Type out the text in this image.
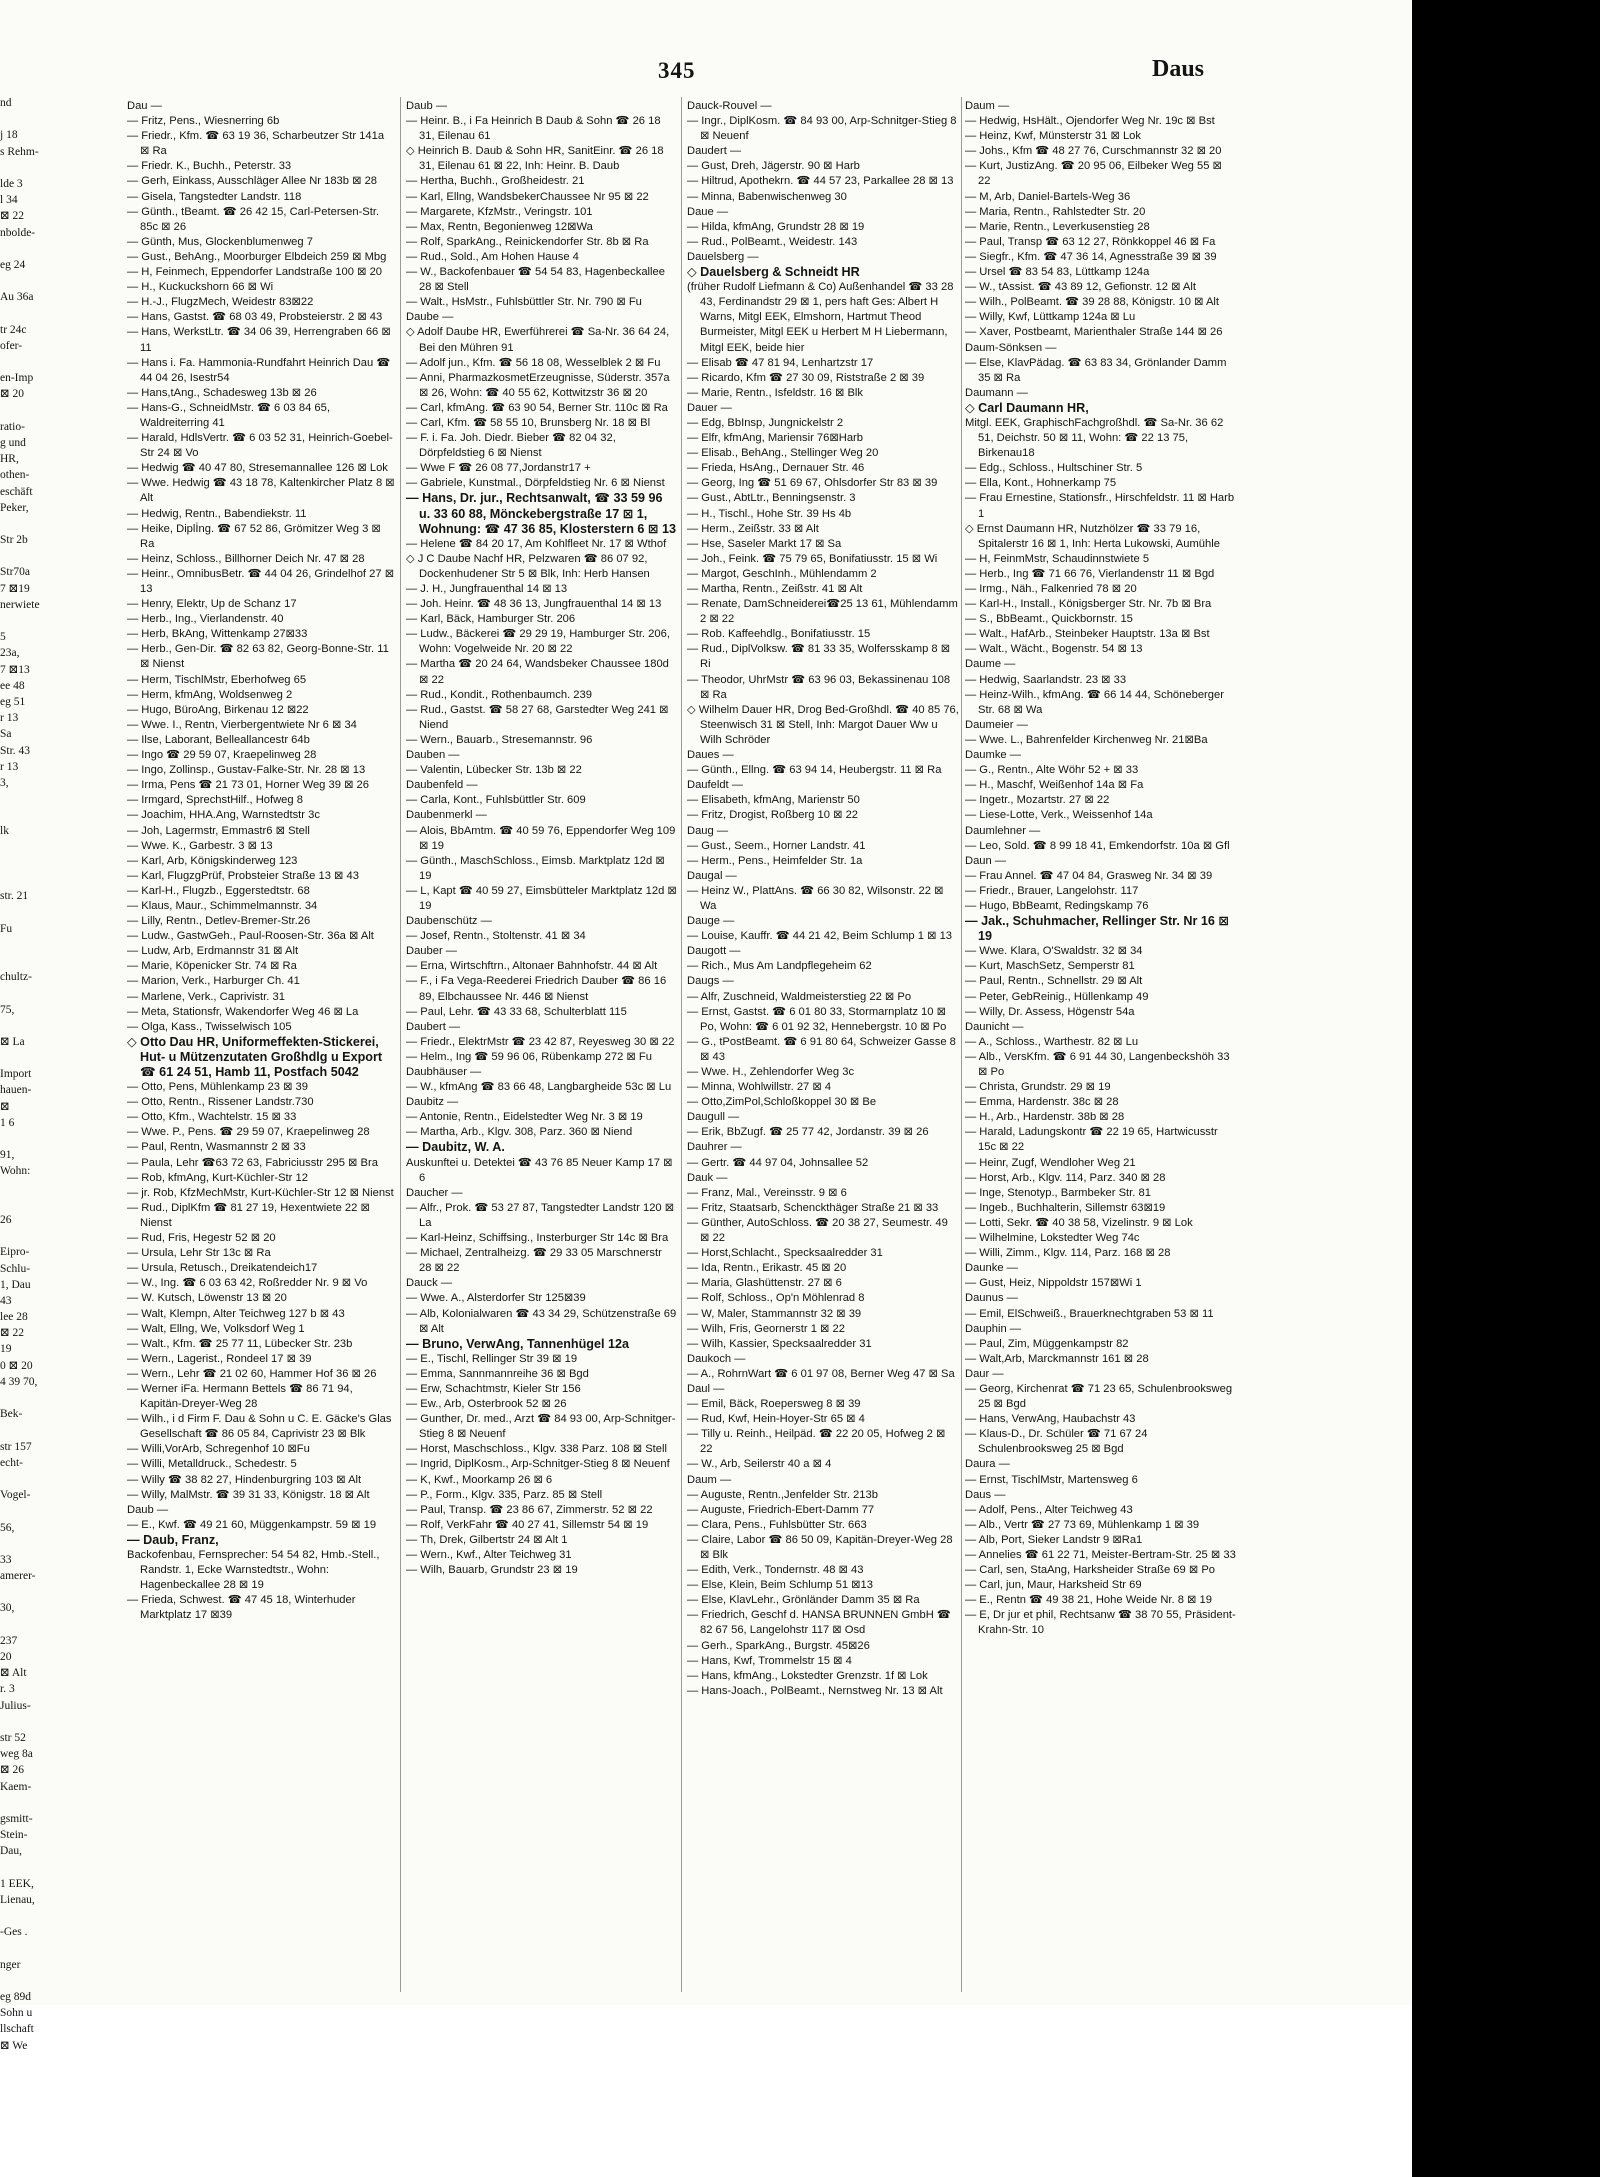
345	Daus
nd
j 18
s Rehm-
lde 3
l 34
⊠ 22
nbolde-
eg 24
Au 36a
tr 24c
ofer-
en-Imp
⊠ 20
ratio-
g und
HR,
othen-
eschäft
Peker,
Str 2b
Str70a
7 ⊠19
nerwiete
5
23a,
7 ⊠13
ee 48
eg 51
r 13
Sa
Str. 43
r 13
3,
lk
str. 21
Fu
chultz-
75,
⊠ La
Import
hauen-
⊠
1 6
91,
Wohn:
26
Eipro-
Schlu-
1, Dau
43
lee 28
⊠ 22
19
0 ⊠ 20
4 39 70,
Bek-
str 157
echt-
Vogel-
56,
33
amerer-
30,
237
20
⊠ Alt
r. 3
Julius-
str 52
weg 8a
⊠ 26
Kaem-
gsmitt-
Stein-
Dau,
1 EEK,
Lienau,
-Ges .
nger
eg 89d
Sohn u
llschaft
⊠ We
Dau —
— Fritz, Pens., Wiesnerring 6b
— Friedr., Kfm. ☎ 63 19 36, Scharbeutzer Str 141a ⊠ Ra
— Friedr. K., Buchh., Peterstr. 33
— Gerh, Einkass, Ausschläger Allee Nr 183b ⊠ 28
— Gisela, Tangstedter Landstr. 118
— Günth., tBeamt. ☎ 26 42 15, Carl-Petersen-Str. 85c ⊠ 26
— Günth, Mus, Glockenblumenweg 7
— Gust., BehAng., Moorburger Elbdeich 259 ⊠ Mbg
— H, Feinmech, Eppendorfer Landstraße 100 ⊠ 20
— H., Kuckuckshorn 66 ⊠ Wi
— H.-J., FlugzMech, Weidestr 83⊠22
— Hans, Gastst. ☎ 68 03 49, Probsteierstr. 2 ⊠ 43
— Hans, WerkstLtr. ☎ 34 06 39, Herrengraben 66 ⊠ 11
— Hans i. Fa. Hammonia-Rundfahrt Heinrich Dau ☎ 44 04 26, Isestr54
— Hans,tAng., Schadesweg 13b ⊠ 26
— Hans-G., SchneidMstr. ☎ 6 03 84 65, Waldreiterring 41
— Harald, HdlsVertr. ☎ 6 03 52 31, Heinrich-Goebel-Str 24 ⊠ Vo
— Hedwig ☎ 40 47 80, Stresemannallee 126 ⊠ Lok
— Wwe. Hedwig ☎ 43 18 78, Kaltenkircher Platz 8 ⊠ Alt
— Hedwig, Rentn., Babendiekstr. 11
— Heike, Diplİng. ☎ 67 52 86, Grömitzer Weg 3 ⊠ Ra
— Heinz, Schloss., Billhorner Deich Nr. 47 ⊠ 28
— Heinr., OmnibusBetr. ☎ 44 04 26, Grindelhof 27 ⊠ 13
— Henry, Elektr, Up de Schanz 17
— Herb., Ing., Vierlandenstr. 40
— Herb, BkAng, Wittenkamp 27⊠33
— Herb., Gen-Dir. ☎ 82 63 82, Georg-Bonne-Str. 11 ⊠ Nienst
— Herm, TischlMstr, Eberhofweg 65
— Herm, kfmAng, Woldsenweg 2
— Hugo, BüroAng, Birkenau 12 ⊠22
— Wwe. I., Rentn, Vierbergentwiete Nr 6 ⊠ 34
— Ilse, Laborant, Belleallancestr 64b
— Ingo ☎ 29 59 07, Kraepelinweg 28
— Ingo, Zollinsp., Gustav-Falke-Str. Nr. 28 ⊠ 13
— Irma, Pens ☎ 21 73 01, Horner Weg 39 ⊠ 26
— Irmgard, SprechstHilf., Hofweg 8
— Joachim, HHA.Ang, Warnstedtstr 3c
— Joh, Lagermstr, Emmastr6 ⊠ Stell
— Wwe. K., Garbestr. 3 ⊠ 13
— Karl, Arb, Königskinderweg 123
— Karl, FlugzgPrüf, Probsteier Straße 13 ⊠ 43
— Karl-H., Flugzb., Eggerstedtstr. 68
— Klaus, Maur., Schimmelmannstr. 34
— Lilly, Rentn., Detlev-Bremer-Str.26
— Ludw., GastwGeh., Paul-Roosen-Str. 36a ⊠ Alt
— Ludw, Arb, Erdmannstr 31 ⊠ Alt
— Marie, Köpenicker Str. 74 ⊠ Ra
— Marion, Verk., Harburger Ch. 41
— Marlene, Verk., Caprivistr. 31
— Meta, Stationsfr, Wakendorfer Weg 46 ⊠ La
— Olga, Kass., Twisselwisch 105
◇ Otto Dau HR, Uniformeffekten-Stickerei, Hut- u Mützenzutaten Großhdlg u Export ☎ 61 24 51, Hamb 11, Postfach 5042
— Otto, Pens, Mühlenkamp 23 ⊠ 39
— Otto, Rentn., Rissener Landstr.730
— Otto, Kfm., Wachtelstr. 15 ⊠ 33
— Wwe. P., Pens. ☎ 29 59 07, Kraepelinweg 28
— Paul, Rentn, Wasmannstr 2 ⊠ 33
— Paula, Lehr ☎63 72 63, Fabriciusstr 295 ⊠ Bra
— Rob, kfmAng, Kurt-Küchler-Str 12
— jr. Rob, KfzMechMstr, Kurt-Küchler-Str 12 ⊠ Nienst
— Rud., DiplKfm ☎ 81 27 19, Hexentwiete 22 ⊠ Nienst
— Rud, Fris, Hegestr 52 ⊠ 20
— Ursula, Lehr Str 13c ⊠ Ra
— Ursula, Retusch., Dreikatendeich17
— W., Ing. ☎ 6 03 63 42, Roßredder Nr. 9 ⊠ Vo
— W. Kutsch, Löwenstr 13 ⊠ 20
— Walt, Klempn, Alter Teichweg 127 b ⊠ 43
— Walt, Ellng, We, Volksdorf Weg 1
— Walt., Kfm. ☎ 25 77 11, Lübecker Str. 23b
— Wern., Lagerist., Rondeel 17 ⊠ 39
— Wern., Lehr ☎ 21 02 60, Hammer Hof 36 ⊠ 26
— Werner iFa. Hermann Bettels ☎ 86 71 94, Kapitän-Dreyer-Weg 28
— Wilh., i d Firm F. Dau & Sohn u C. E. Gäcke's Glas Gesellschaft ☎ 86 05 84, Caprivistr 23 ⊠ Blk
— Willi,VorArb, Schregenhof 10 ⊠Fu
— Willi, Metalldruck., Schedestr. 5
— Willy ☎ 38 82 27, Hindenburgring 103 ⊠ Alt
— Willy, MalMstr. ☎ 39 31 33, Königstr. 18 ⊠ Alt
Daub —
— E., Kwf. ☎ 49 21 60, Müggenkampstr. 59 ⊠ 19
— Daub, Franz,
Backofenbau, Fernsprecher: 54 54 82, Hmb.-Stell., Randstr. 1, Ecke Warnstedtstr., Wohn: Hagenbeckallee 28 ⊠ 19
— Frieda, Schwest. ☎ 47 45 18, Winterhuder Marktplatz 17 ⊠39
Daub —
— Heinr. B., i Fa Heinrich B Daub & Sohn ☎ 26 18 31, Eilenau 61
◇ Heinrich B. Daub & Sohn HR, SanitEinr. ☎ 26 18 31, Eilenau 61 ⊠ 22, Inh: Heinr. B. Daub
— Hertha, Buchh., Großheidestr. 21
— Karl, Ellng, WandsbekerChaussee Nr 95 ⊠ 22
— Margarete, KfzMstr., Veringstr. 101
— Max, Rentn, Begonienweg 12⊠Wa
— Rolf, SparkAng., Reinickendorfer Str. 8b ⊠ Ra
— Rud., Sold., Am Hohen Hause 4
— W., Backofenbauer ☎ 54 54 83, Hagenbeckallee 28 ⊠ Stell
— Walt., HsMstr., Fuhlsbüttler Str. Nr. 790 ⊠ Fu
Daube —
◇ Adolf Daube HR, Ewerführerei ☎ Sa-Nr. 36 64 24, Bei den Mühren 91
— Adolf jun., Kfm. ☎ 56 18 08, Wesselblek 2 ⊠ Fu
— Anni, PharmazkosmetErzeugnisse, Süderstr. 357a ⊠ 26, Wohn: ☎ 40 55 62, Kottwitzstr 36 ⊠ 20
— Carl, kfmAng. ☎ 63 90 54, Berner Str. 110c ⊠ Ra
— Carl, Kfm. ☎ 58 55 10, Brunsberg Nr. 18 ⊠ Bl
— F. i. Fa. Joh. Diedr. Bieber ☎ 82 04 32, Dörpfeldstieg 6 ⊠ Nienst
— Wwe F ☎ 26 08 77,Jordanstr17 +
— Gabriele, Kunstmal., Dörpfeldstieg Nr. 6 ⊠ Nienst
— Hans, Dr. jur., Rechtsanwalt, ☎ 33 59 96 u. 33 60 88, Mönckebergstraße 17 ⊠ 1, Wohnung: ☎ 47 36 85, Klosterstern 6 ⊠ 13
— Helene ☎ 84 20 17, Am Kohlfleet Nr. 17 ⊠ Wthof
◇ J C Daube Nachf HR, Pelzwaren ☎ 86 07 92, Dockenhudener Str 5 ⊠ Blk, Inh: Herb Hansen
— J. H., Jungfrauenthal 14 ⊠ 13
— Joh. Heinr. ☎ 48 36 13, Jungfrauenthal 14 ⊠ 13
— Karl, Bäck, Hamburger Str. 206
— Ludw., Bäckerei ☎ 29 29 19, Hamburger Str. 206, Wohn: Vogelweide Nr. 20 ⊠ 22
— Martha ☎ 20 24 64, Wandsbeker Chaussee 180d ⊠ 22
— Rud., Kondit., Rothenbaumch. 239
— Rud., Gastst. ☎ 58 27 68, Garstedter Weg 241 ⊠ Niend
— Wern., Bauarb., Stresemannstr. 96
Dauben —
— Valentin, Lübecker Str. 13b ⊠ 22
Daubenfeld —
— Carla, Kont., Fuhlsbüttler Str. 609
Daubenmerkl —
— Alois, BbAmtm. ☎ 40 59 76, Eppendorfer Weg 109 ⊠ 19
— Günth., MaschSchloss., Eimsb. Marktplatz 12d ⊠ 19
— L, Kapt ☎ 40 59 27, Eimsbütteler Marktplatz 12d ⊠ 19
Daubenschütz —
— Josef, Rentn., Stoltenstr. 41 ⊠ 34
Dauber —
— Erna, Wirtschftrn., Altonaer Bahnhofstr. 44 ⊠ Alt
— F., i Fa Vega-Reederei Friedrich Dauber ☎ 86 16 89, Elbchaussee Nr. 446 ⊠ Nienst
— Paul, Lehr. ☎ 43 33 68, Schulterblatt 115
Daubert —
— Friedr., ElektrMstr ☎ 23 42 87, Reyesweg 30 ⊠ 22
— Helm., Ing ☎ 59 96 06, Rübenkamp 272 ⊠ Fu
Daubhäuser —
— W., kfmAng ☎ 83 66 48, Langbargheide 53c ⊠ Lu
Daubitz —
— Antonie, Rentn., Eidelstedter Weg Nr. 3 ⊠ 19
— Martha, Arb., Klgv. 308, Parz. 360 ⊠ Niend
— Daubitz, W. A.
Auskunftei u. Detektei ☎ 43 76 85 Neuer Kamp 17 ⊠ 6
Daucher —
— Alfr., Prok. ☎ 53 27 87, Tangstedter Landstr 120 ⊠ La
— Karl-Heinz, Schiffsing., Insterburger Str 14c ⊠ Bra
— Michael, Zentralheizg. ☎ 29 33 05 Marschnerstr 28 ⊠ 22
Dauck —
— Wwe. A., Alsterdorfer Str 125⊠39
— Alb, Kolonialwaren ☎ 43 34 29, Schützenstraße 69 ⊠ Alt
— Bruno, VerwAng, Tannenhügel 12a
— E., Tischl, Rellinger Str 39 ⊠ 19
— Emma, Sannmannreihe 36 ⊠ Bgd
— Erw, Schachtmstr, Kieler Str 156
— Ew., Arb, Osterbrook 52 ⊠ 26
— Gunther, Dr. med., Arzt ☎ 84 93 00, Arp-Schnitger-Stieg 8 ⊠ Neuenf
— Horst, Maschschloss., Klgv. 338 Parz. 108 ⊠ Stell
— Ingrid, DiplKosm., Arp-Schnitger-Stieg 8 ⊠ Neuenf
— K, Kwf., Moorkamp 26 ⊠ 6
— P., Form., Klgv. 335, Parz. 85 ⊠ Stell
— Paul, Transp. ☎ 23 86 67, Zimmerstr. 52 ⊠ 22
— Rolf, VerkFahr ☎ 40 27 41, Sillemstr 54 ⊠ 19
— Th, Drek, Gilbertstr 24 ⊠ Alt 1
— Wern., Kwf., Alter Teichweg 31
— Wilh, Bauarb, Grundstr 23 ⊠ 19
Dauck-Rouvel —
— Ingr., DiplKosm. ☎ 84 93 00, Arp-Schnitger-Stieg 8 ⊠ Neuenf
Daudert —
— Gust, Dreh, Jägerstr. 90 ⊠ Harb
— Hiltrud, Apothekrn. ☎ 44 57 23, Parkallee 28 ⊠ 13
— Minna, Babenwischenweg 30
Daue —
— Hilda, kfmAng, Grundstr 28 ⊠ 19
— Rud., PolBeamt., Weidestr. 143
Dauelsberg —
◇ Dauelsberg & Schneidt HR
(früher Rudolf Liefmann & Co) Außenhandel ☎ 33 28 43, Ferdinandstr 29 ⊠ 1, pers haft Ges: Albert H Warns, Mitgl EEK, Elmshorn, Hartmut Theod Burmeister, Mitgl EEK u Herbert M H Liebermann, Mitgl EEK, beide hier
— Elisab ☎ 47 81 94, Lenhartzstr 17
— Ricardo, Kfm ☎ 27 30 09, Riststraße 2 ⊠ 39
— Marie, Rentn., Isfeldstr. 16 ⊠ Blk
Dauer —
— Edg, BbInsp, Jungnickelstr 2
— Elfr, kfmAng, Mariensir 76⊠Harb
— Elisab., BehAng., Stellinger Weg 20
— Frieda, HsAng., Dernauer Str. 46
— Georg, Ing ☎ 51 69 67, Ohlsdorfer Str 83 ⊠ 39
— Gust., AbtLtr., Benningsenstr. 3
— H., Tischl., Hohe Str. 39 Hs 4b
— Herm., Zeißstr. 33 ⊠ Alt
— Hse, Saseler Markt 17 ⊠ Sa
— Joh., Feink. ☎ 75 79 65, Bonifatiusstr. 15 ⊠ Wi
— Margot, GeschInh., Mühlendamm 2
— Martha, Rentn., Zeißstr. 41 ⊠ Alt
— Renate, DamSchneiderei☎25 13 61, Mühlendamm 2 ⊠ 22
— Rob. Kaffeehdlg., Bonifatiusstr. 15
— Rud., DiplVolksw. ☎ 81 33 35, Wolfersskamp 8 ⊠ Ri
— Theodor, UhrMstr ☎ 63 96 03, Bekassinenau 108 ⊠ Ra
◇ Wilhelm Dauer HR, Drog Bed-Großhdl. ☎ 40 85 76, Steenwisch 31 ⊠ Stell, Inh: Margot Dauer Ww u Wilh Schröder
Daues —
— Günth., Ellng. ☎ 63 94 14, Heubergstr. 11 ⊠ Ra
Daufeldt —
— Elisabeth, kfmAng, Marienstr 50
— Fritz, Drogist, Roßberg 10 ⊠ 22
Daug —
— Gust., Seem., Horner Landstr. 41
— Herm., Pens., Heimfelder Str. 1a
Daugal —
— Heinz W., PlattAns. ☎ 66 30 82, Wilsonstr. 22 ⊠ Wa
Dauge —
— Louise, Kauffr. ☎ 44 21 42, Beim Schlump 1 ⊠ 13
Daugott —
— Rich., Mus Am Landpflegeheim 62
Daugs —
— Alfr, Zuschneid, Waldmeisterstieg 22 ⊠ Po
— Ernst, Gastst. ☎ 6 01 80 33, Stormarnplatz 10 ⊠ Po, Wohn: ☎ 6 01 92 32, Hennebergstr. 10 ⊠ Po
— G., tPostBeamt. ☎ 6 91 80 64, Schweizer Gasse 8 ⊠ 43
— Wwe. H., Zehlendorfer Weg 3c
— Minna, Wohlwillstr. 27 ⊠ 4
— Otto,ZimPol,Schloßkoppel 30 ⊠ Be
Daugull —
— Erik, BbZugf. ☎ 25 77 42, Jordanstr. 39 ⊠ 26
Dauhrer —
— Gertr. ☎ 44 97 04, Johnsallee 52
Dauk —
— Franz, Mal., Vereinsstr. 9 ⊠ 6
— Fritz, Staatsarb, Schenckthäger Straße 21 ⊠ 33
— Günther, AutoSchloss. ☎ 20 38 27, Seumestr. 49 ⊠ 22
— Horst,Schlacht., Specksaalredder 31
— Ida, Rentn., Erikastr. 45 ⊠ 20
— Maria, Glashüttenstr. 27 ⊠ 6
— Rolf, Schloss., Op'n Möhlenrad 8
— W, Maler, Stammannstr 32 ⊠ 39
— Wilh, Fris, Geornerstr 1 ⊠ 22
— Wilh, Kassier, Specksaalredder 31
Daukoch —
— A., RohrnWart ☎ 6 01 97 08, Berner Weg 47 ⊠ Sa
Daul —
— Emil, Bäck, Roepersweg 8 ⊠ 39
— Rud, Kwf, Hein-Hoyer-Str 65 ⊠ 4
— Tilly u. Reinh., Heilpäd. ☎ 22 20 05, Hofweg 2 ⊠ 22
— W., Arb, Seilerstr 40 a ⊠ 4
Daum —
— Auguste, Rentn.,Jenfelder Str. 213b
— Auguste, Friedrich-Ebert-Damm 77
— Clara, Pens., Fuhlsbütter Str. 663
— Claire, Labor ☎ 86 50 09, Kapitän-Dreyer-Weg 28 ⊠ Blk
— Edith, Verk., Tondernstr. 48 ⊠ 43
— Else, Klein, Beim Schlump 51 ⊠13
— Else, KlavLehr., Grönländer Damm 35 ⊠ Ra
— Friedrich, Geschf d. HANSA BRUNNEN GmbH ☎ 82 67 56, Langelohstr 117 ⊠ Osd
— Gerh., SparkAng., Burgstr. 45⊠26
— Hans, Kwf, Trommelstr 15 ⊠ 4
— Hans, kfmAng., Lokstedter Grenzstr. 1f ⊠ Lok
— Hans-Joach., PolBeamt., Nernstweg Nr. 13 ⊠ Alt
Daum —
— Hedwig, HsHält., Ojendorfer Weg Nr. 19c ⊠ Bst
— Heinz, Kwf, Münsterstr 31 ⊠ Lok
— Johs., Kfm ☎ 48 27 76, Curschmannstr 32 ⊠ 20
— Kurt, JustizAng. ☎ 20 95 06, Eilbeker Weg 55 ⊠ 22
— M, Arb, Daniel-Bartels-Weg 36
— Maria, Rentn., Rahlstedter Str. 20
— Marie, Rentn., Leverkusenstieg 28
— Paul, Transp ☎ 63 12 27, Rönkkoppel 46 ⊠ Fa
— Siegfr., Kfm. ☎ 47 36 14, Agnesstraße 39 ⊠ 39
— Ursel ☎ 83 54 83, Lüttkamp 124a
— W., tAssist. ☎ 43 89 12, Gefionstr. 12 ⊠ Alt
— Wilh., PolBeamt. ☎ 39 28 88, Königstr. 10 ⊠ Alt
— Willy, Kwf, Lüttkamp 124a ⊠ Lu
— Xaver, Postbeamt, Marienthaler Straße 144 ⊠ 26
Daum-Sönksen —
— Else, KlavPädag. ☎ 63 83 34, Grönlander Damm 35 ⊠ Ra
Daumann —
◇ Carl Daumann HR,
Mitgl. EEK, GraphischFachgroßhdl. ☎ Sa-Nr. 36 62 51, Deichstr. 50 ⊠ 11, Wohn: ☎ 22 13 75, Birkenau18
— Edg., Schloss., Hultschiner Str. 5
— Ella, Kont., Hohnerkamp 75
— Frau Ernestine, Stationsfr., Hirschfeldstr. 11 ⊠ Harb 1
◇ Ernst Daumann HR, Nutzhölzer ☎ 33 79 16, Spitalerstr 16 ⊠ 1, Inh: Herta Lukowski, Aumühle
— H, FeinmMstr, Schaudinnstwiete 5
— Herb., Ing ☎ 71 66 76, Vierlandenstr 11 ⊠ Bgd
— Irmg., Näh., Falkenried 78 ⊠ 20
— Karl-H., Install., Königsberger Str. Nr. 7b ⊠ Bra
— S., BbBeamt., Quickbornstr. 15
— Walt., HafArb., Steinbeker Hauptstr. 13a ⊠ Bst
— Walt., Wächt., Bogenstr. 54 ⊠ 13
Daume —
— Hedwig, Saarlandstr. 23 ⊠ 33
— Heinz-Wilh., kfmAng. ☎ 66 14 44, Schöneberger Str. 68 ⊠ Wa
Daumeier —
— Wwe. L., Bahrenfelder Kirchenweg Nr. 21⊠Ba
Daumke —
— G., Rentn., Alte Wöhr 52 + ⊠ 33
— H., Maschf, Weißenhof 14a ⊠ Fa
— Ingetr., Mozartstr. 27 ⊠ 22
— Liese-Lotte, Verk., Weissenhof 14a
Daumlehner —
— Leo, Sold. ☎ 8 99 18 41, Emkendorfstr. 10a ⊠ Gfl
Daun —
— Frau Annel. ☎ 47 04 84, Grasweg Nr. 34 ⊠ 39
— Friedr., Brauer, Langelohstr. 117
— Hugo, BbBeamt, Redingskamp 76
— Jak., Schuhmacher, Rellinger Str. Nr 16 ⊠ 19
— Wwe. Klara, O'Swaldstr. 32 ⊠ 34
— Kurt, MaschSetz, Semperstr 81
— Paul, Rentn., Schnellstr. 29 ⊠ Alt
— Peter, GebReinig., Hüllenkamp 49
— Willy, Dr. Assess, Högenstr 54a
Daunicht —
— A., Schloss., Warthestr. 82 ⊠ Lu
— Alb., VersKfm. ☎ 6 91 44 30, Langenbeckshöh 33 ⊠ Po
— Christa, Grundstr. 29 ⊠ 19
— Emma, Hardenstr. 38c ⊠ 28
— H., Arb., Hardenstr. 38b ⊠ 28
— Harald, Ladungskontr ☎ 22 19 65, Hartwicusstr 15c ⊠ 22
— Heinr, Zugf, Wendloher Weg 21
— Horst, Arb., Klgv. 114, Parz. 340 ⊠ 28
— Inge, Stenotyp., Barmbeker Str. 81
— Ingeb., Buchhalterin, Sillemstr 63⊠19
— Lotti, Sekr. ☎ 40 38 58, Vizelinstr. 9 ⊠ Lok
— Wilhelmine, Lokstedter Weg 74c
— Willi, Zimm., Klgv. 114, Parz. 168 ⊠ 28
Daunke —
— Gust, Heiz, Nippoldstr 157⊠Wi 1
Daunus —
— Emil, ElSchweiß., Brauerknechtgraben 53 ⊠ 11
Dauphin —
— Paul, Zim, Müggenkampstr 82
— Walt,Arb, Marckmannstr 161 ⊠ 28
Daur —
— Georg, Kirchenrat ☎ 71 23 65, Schulenbrooksweg 25 ⊠ Bgd
— Hans, VerwAng, Haubachstr 43
— Klaus-D., Dr. Schüler ☎ 71 67 24 Schulenbrooksweg 25 ⊠ Bgd
Daura —
— Ernst, TischlMstr, Martensweg 6
Daus —
— Adolf, Pens., Alter Teichweg 43
— Alb., Vertr ☎ 27 73 69, Mühlenkamp 1 ⊠ 39
— Alb, Port, Sieker Landstr 9 ⊠Ra1
— Annelies ☎ 61 22 71, Meister-Bertram-Str. 25 ⊠ 33
— Carl, sen, StaAng, Harksheider Straße 69 ⊠ Po
— Carl, jun, Maur, Harksheid Str 69
— E., Rentn ☎ 49 38 21, Hohe Weide Nr. 8 ⊠ 19
— E, Dr jur et phil, Rechtsanw ☎ 38 70 55, Präsident-Krahn-Str. 10
